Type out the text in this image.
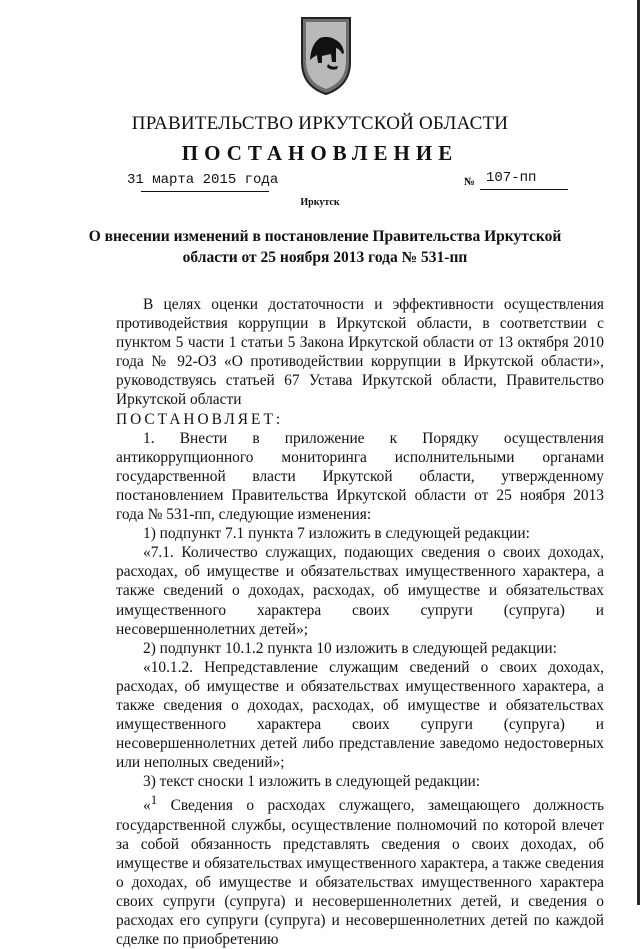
ПРАВИТЕЛЬСТВО ИРКУТСКОЙ ОБЛАСТИ
ПОСТАНОВЛЕНИЕ
31 марта 2015 года	№ 107-пп
Иркутск
О внесении изменений в постановление Правительства Иркутской
области от 25 ноября 2013 года № 531-пп

В целях оценки достаточности и эффективности осуществления противодействия коррупции в Иркутской области, в соответствии с пунктом 5 части 1 статьи 5 Закона Иркутской области от 13 октября 2010 года № 92-ОЗ «О противодействии коррупции в Иркутской области», руководствуясь статьей 67 Устава Иркутской области, Правительство Иркутской области

ПОСТАНОВЛЯЕТ:

1. Внести в приложение к Порядку осуществления антикоррупционного мониторинга исполнительными органами государственной власти Иркутской области, утвержденному постановлением Правительства Иркутской области от 25 ноября 2013 года № 531-пп, следующие изменения:

1) подпункт 7.1 пункта 7 изложить в следующей редакции:

«7.1. Количество служащих, подающих сведения о своих доходах, расходах, об имуществе и обязательствах имущественного характера, а также сведений о доходах, расходах, об имуществе и обязательствах имущественного характера своих супруги (супруга) и несовершеннолетних детей»;

2) подпункт 10.1.2 пункта 10 изложить в следующей редакции:

«10.1.2. Непредставление служащим сведений о своих доходах, расходах, об имуществе и обязательствах имущественного характера, а также сведения о доходах, расходах, об имуществе и обязательствах имущественного характера своих супруги (супруга) и несовершеннолетних детей либо представление заведомо недостоверных или неполных сведений»;

3) текст сноски 1 изложить в следующей редакции:

«$^1$ Сведения о расходах служащего, замещающего должность государственной службы, осуществление полномочий по которой влечет за собой обязанность представлять сведения о своих доходах, об имуществе и обязательствах имущественного характера, а также сведения о доходах, об имуществе и обязательствах имущественного характера своих супруги (супруга) и несовершеннолетних детей, и сведения о расходах его супруги (супруга) и несовершеннолетних детей по каждой сделке по приобретению
